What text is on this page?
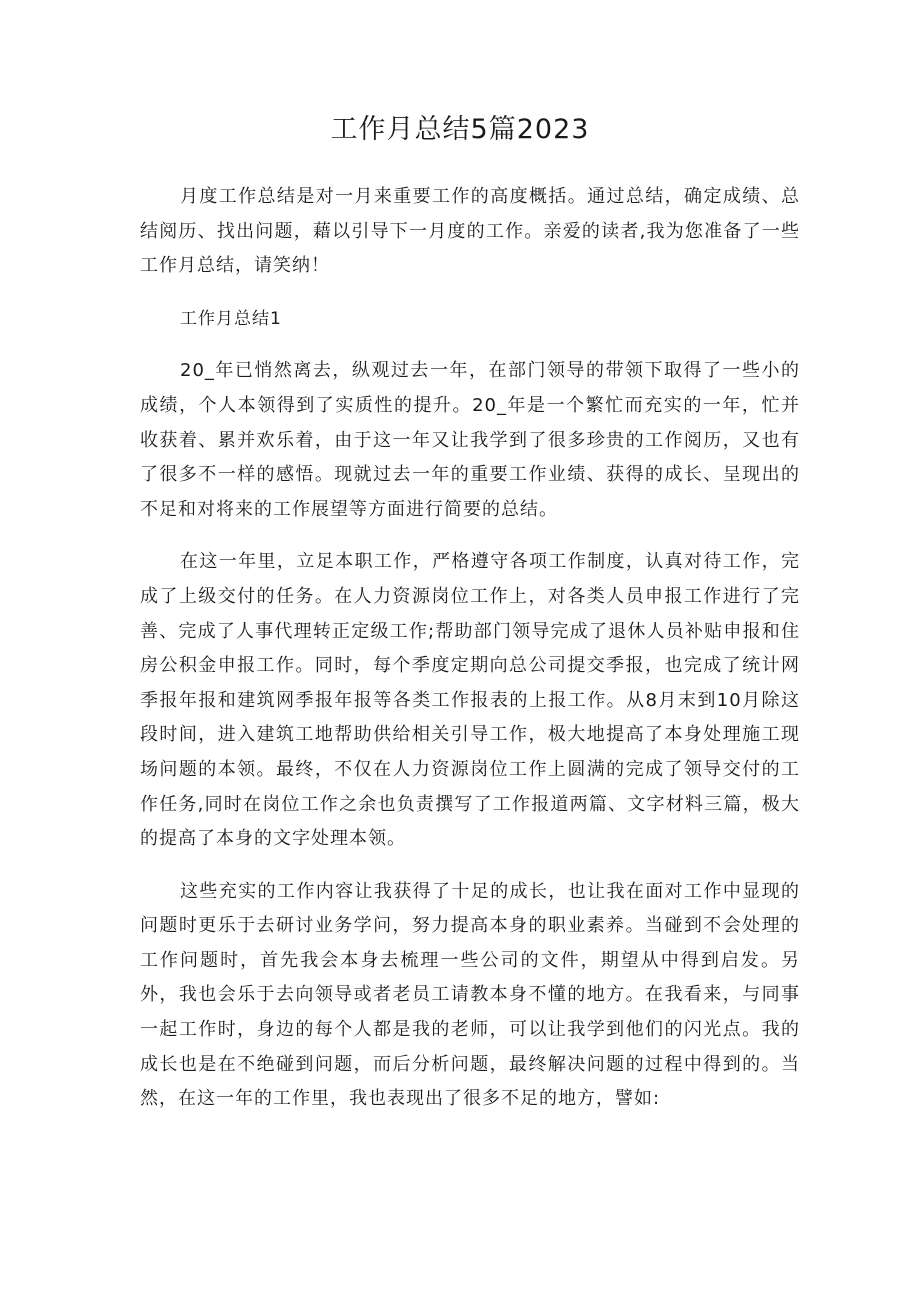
工作月总结5篇2023

月度工作总结是对一月来重要工作的高度概括。通过总结，确定成绩、总结阅历、找出问题，藉以引导下一月度的工作。亲爱的读者,我为您准备了一些工作月总结，请笑纳！

工作月总结1

20_年已悄然离去，纵观过去一年，在部门领导的带领下取得了一些小的成绩，个人本领得到了实质性的提升。20_年是一个繁忙而充实的一年，忙并收获着、累并欢乐着，由于这一年又让我学到了很多珍贵的工作阅历，又也有了很多不一样的感悟。现就过去一年的重要工作业绩、获得的成长、呈现出的不足和对将来的工作展望等方面进行简要的总结。

在这一年里，立足本职工作，严格遵守各项工作制度，认真对待工作，完成了上级交付的任务。在人力资源岗位工作上，对各类人员申报工作进行了完善、完成了人事代理转正定级工作;帮助部门领导完成了退休人员补贴申报和住房公积金申报工作。同时，每个季度定期向总公司提交季报，也完成了统计网季报年报和建筑网季报年报等各类工作报表的上报工作。从8月末到10月除这段时间，进入建筑工地帮助供给相关引导工作，极大地提高了本身处理施工现场问题的本领。最终，不仅在人力资源岗位工作上圆满的完成了领导交付的工作任务,同时在岗位工作之余也负责撰写了工作报道两篇、文字材料三篇，极大的提高了本身的文字处理本领。

这些充实的工作内容让我获得了十足的成长，也让我在面对工作中显现的问题时更乐于去研讨业务学问，努力提高本身的职业素养。当碰到不会处理的工作问题时，首先我会本身去梳理一些公司的文件，期望从中得到启发。另外，我也会乐于去向领导或者老员工请教本身不懂的地方。在我看来，与同事一起工作时，身边的每个人都是我的老师，可以让我学到他们的闪光点。我的成长也是在不绝碰到问题，而后分析问题，最终解决问题的过程中得到的。当然，在这一年的工作里，我也表现出了很多不足的地方，譬如:
